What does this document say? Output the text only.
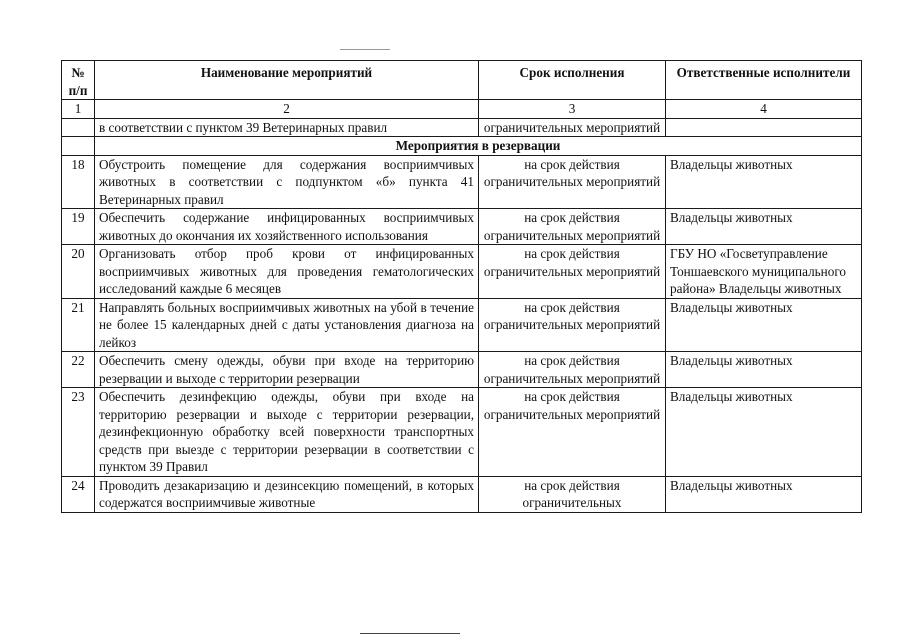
№ п/п	Наименование мероприятий	Срок исполнения	Ответственные исполнители
1	2	3	4
	в соответствии с пунктом 39 Ветеринарных правил	ограничительных мероприятий	
	Мероприятия в резервации		
18	Обустроить помещение для содержания восприимчивых животных в соответствии с подпунктом «б» пункта 41 Ветеринарных правил	на срок действия ограничительных мероприятий	Владельцы животных
19	Обеспечить содержание инфицированных восприимчивых животных до окончания их хозяйственного использования	на срок действия ограничительных мероприятий	Владельцы животных
20	Организовать отбор проб крови от инфицированных восприимчивых животных для проведения гематологических исследований каждые 6 месяцев	на срок действия ограничительных мероприятий	ГБУ НО «Госветуправление Тоншаевского муниципального района» Владельцы животных
21	Направлять больных восприимчивых животных на убой в течение не более 15 календарных дней с даты установления диагноза на лейкоз	на срок действия ограничительных мероприятий	Владельцы животных
22	Обеспечить смену одежды, обуви при входе на территорию резервации и выходе с территории резервации	на срок действия ограничительных мероприятий	Владельцы животных
23	Обеспечить дезинфекцию одежды, обуви при входе на территорию резервации и выходе с территории резервации, дезинфекционную обработку всей поверхности транспортных средств при выезде с территории резервации в соответствии с пунктом 39 Правил	на срок действия ограничительных мероприятий	Владельцы животных
24	Проводить дезакаризацию и дезинсекцию помещений, в которых содержатся восприимчивые животные	на срок действия ограничительных	Владельцы животных
